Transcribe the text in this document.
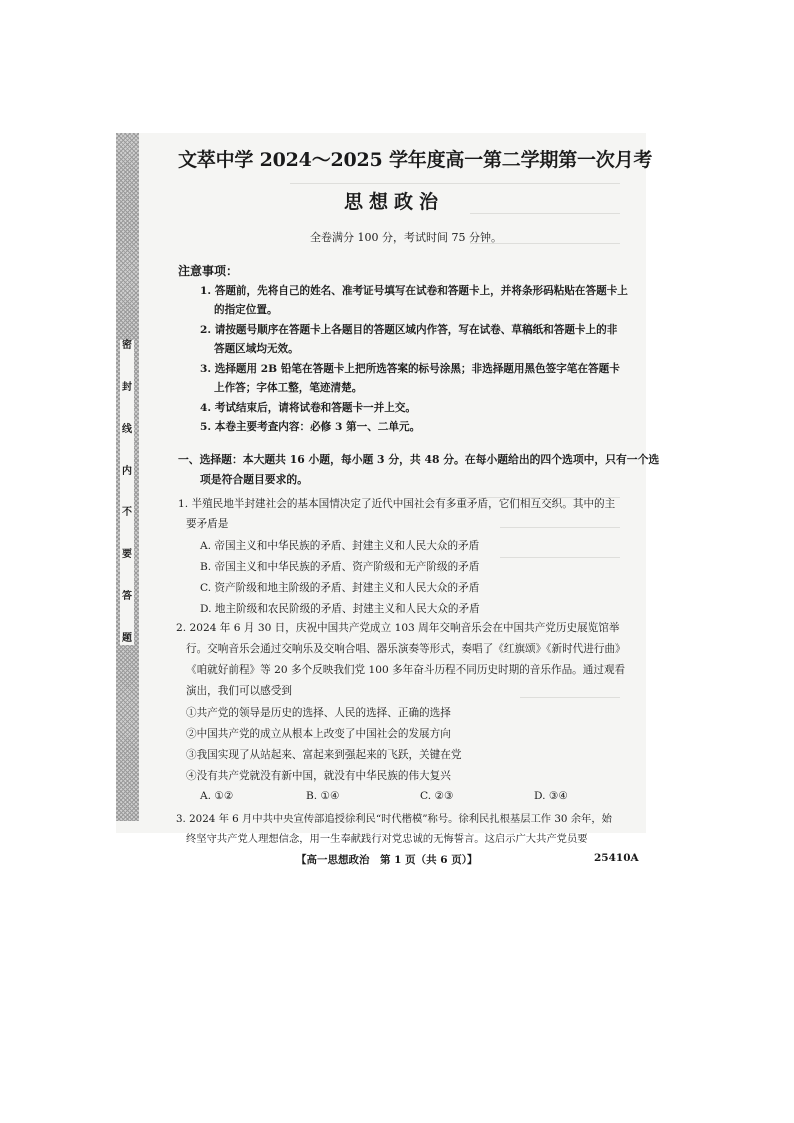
密
封
线
内
不
要
答
题
文萃中学 2024～2025 学年度高一第二学期第一次月考
思想政治
全卷满分 100 分，考试时间 75 分钟。
注意事项：
1. 答题前，先将自己的姓名、准考证号填写在试卷和答题卡上，并将条形码粘贴在答题卡上
的指定位置。
2. 请按题号顺序在答题卡上各题目的答题区域内作答，写在试卷、草稿纸和答题卡上的非
答题区域均无效。
3. 选择题用 2B 铅笔在答题卡上把所选答案的标号涂黑；非选择题用黑色签字笔在答题卡
上作答；字体工整，笔迹清楚。
4. 考试结束后，请将试卷和答题卡一并上交。
5. 本卷主要考查内容：必修 3 第一、二单元。
一、选择题：本大题共 16 小题，每小题 3 分，共 48 分。在每小题给出的四个选项中，只有一个选
项是符合题目要求的。
1. 半殖民地半封建社会的基本国情决定了近代中国社会有多重矛盾，它们相互交织。其中的主
要矛盾是
A. 帝国主义和中华民族的矛盾、封建主义和人民大众的矛盾
B. 帝国主义和中华民族的矛盾、资产阶级和无产阶级的矛盾
C. 资产阶级和地主阶级的矛盾、封建主义和人民大众的矛盾
D. 地主阶级和农民阶级的矛盾、封建主义和人民大众的矛盾
2. 2024 年 6 月 30 日，庆祝中国共产党成立 103 周年交响音乐会在中国共产党历史展览馆举
行。交响音乐会通过交响乐及交响合唱、器乐演奏等形式，奏唱了《红旗颂》《新时代进行曲》
《咱就好前程》等 20 多个反映我们党 100 多年奋斗历程不同历史时期的音乐作品。通过观看
演出，我们可以感受到
①共产党的领导是历史的选择、人民的选择、正确的选择
②中国共产党的成立从根本上改变了中国社会的发展方向
③我国实现了从站起来、富起来到强起来的飞跃，关键在党
④没有共产党就没有新中国，就没有中华民族的伟大复兴
A. ①②	B. ①④	C. ②③	D. ③④
3. 2024 年 6 月中共中央宣传部追授徐利民“时代楷模”称号。徐利民扎根基层工作 30 余年，始
终坚守共产党人理想信念，用一生奉献践行对党忠诚的无悔誓言。这启示广大共产党员要
【高一思想政治　第 1 页（共 6 页）】	25410A
